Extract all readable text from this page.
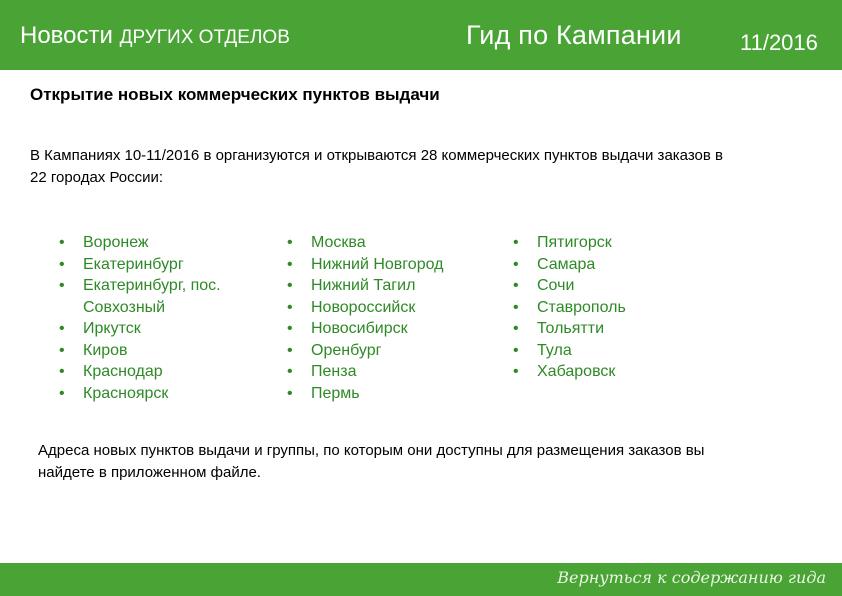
Новости ДРУГИХ ОТДЕЛОВ	Гид по Кампании	11/2016
Открытие новых коммерческих пунктов выдачи
В Кампаниях 10-11/2016 в организуются и открываются 28 коммерческих пунктов выдачи заказов в 22 городах России:
• Воронеж
• Екатеринбург
• Екатеринбург, пос. Совхозный
• Иркутск
• Киров
• Краснодар
• Красноярск
• Москва
• Нижний Новгород
• Нижний Тагил
• Новороссийск
• Новосибирск
• Оренбург
• Пенза
• Пермь
• Пятигорск
• Самара
• Сочи
• Ставрополь
• Тольятти
• Тула
• Хабаровск
Адреса новых пунктов выдачи и группы, по которым они доступны для размещения заказов вы найдете в приложенном файле.
Вернуться к содержанию гида
